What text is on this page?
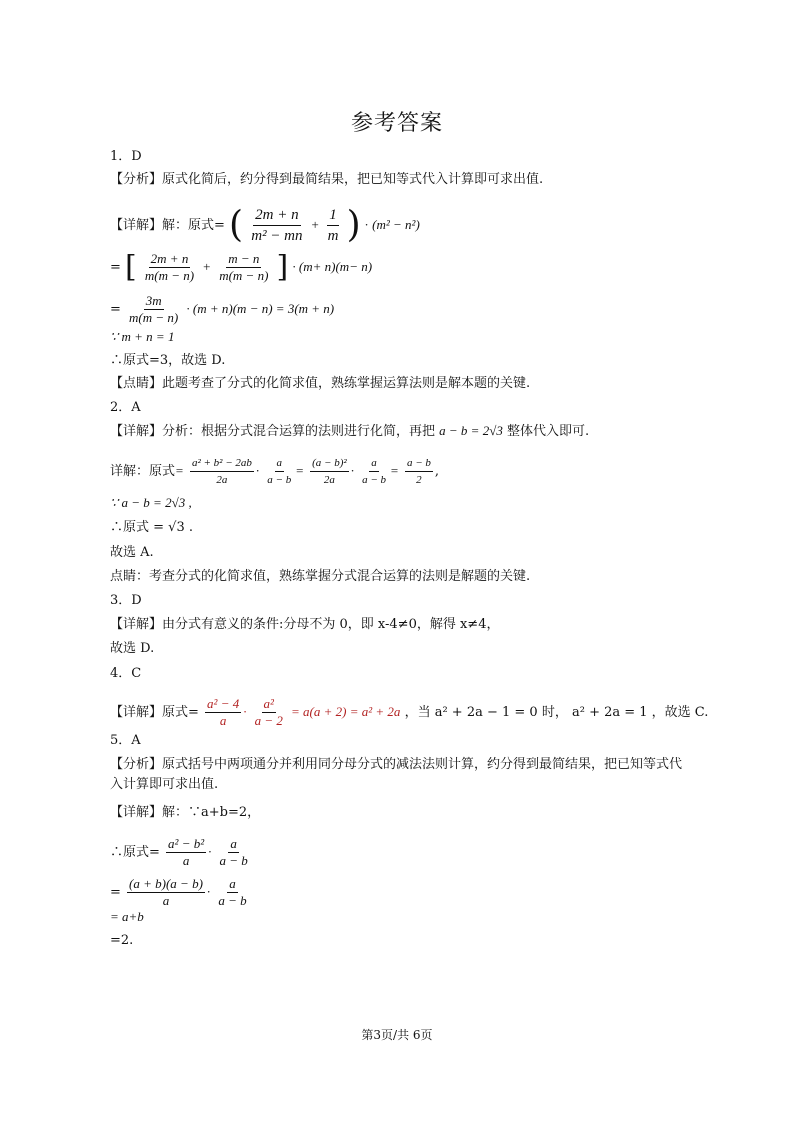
参考答案
1．D
【分析】原式化简后，约分得到最简结果，把已知等式代入计算即可求出值.
【详解】解：原式= ( $\frac{2m + n}{\text{m² − mn}} + \frac{1}{m}$ ) · (m² − n²)
= [ $\frac{2m + n}{m(m - n)} + \frac{m - n}{m(m - n)}$ ] · (m+ n)(m− n)
= $\frac{3m}{m(m - n)} \cdot (m + n)(m - n) = 3(m + n)$
∵ m + n = 1
∴原式=3，故选 D.
【点睛】此题考查了分式的化简求值，熟练掌握运算法则是解本题的关键.
2．A
【详解】分析：根据分式混合运算的法则进行化简，再把 a − b = 2√3 整体代入即可.
详解：原式= $\frac{\text{a² + b² − 2ab}}{2a} \cdot \frac{a}{a - b} = \frac{\text{(a − b)²}}{2a} \cdot \frac{a}{a - b} = \frac{a - b}{2}$ ,
∵ a − b = 2√3 ,
∴原式 = √3 .
故选 A.
点睛：考查分式的化简求值，熟练掌握分式混合运算的法则是解题的关键.
3．D
【详解】由分式有意义的条件:分母不为 0，即 x-4≠0，解得 x≠4，
故选 D.
4．C
【详解】原式= $\frac{\text{a² − 4}}{a} \cdot \frac{\text{a²}}{a - 2} = a(a + 2) = a^2 + 2a$ ，当 a² + 2a − 1 = 0 时， a² + 2a = 1 ，故选 C.
5．A
【分析】原式括号中两项通分并利用同分母分式的减法法则计算，约分得到最简结果，把已知等式代入计算即可求出值.
【详解】解：∵a+b=2，
∴原式= $\frac{\text{a² − b²}}{a} \cdot \frac{a}{a - b}$
= $\frac{(a + b)(a - b)}{a} \cdot \frac{a}{a - b}$
= a+b
=2.
第3页/共 6页
